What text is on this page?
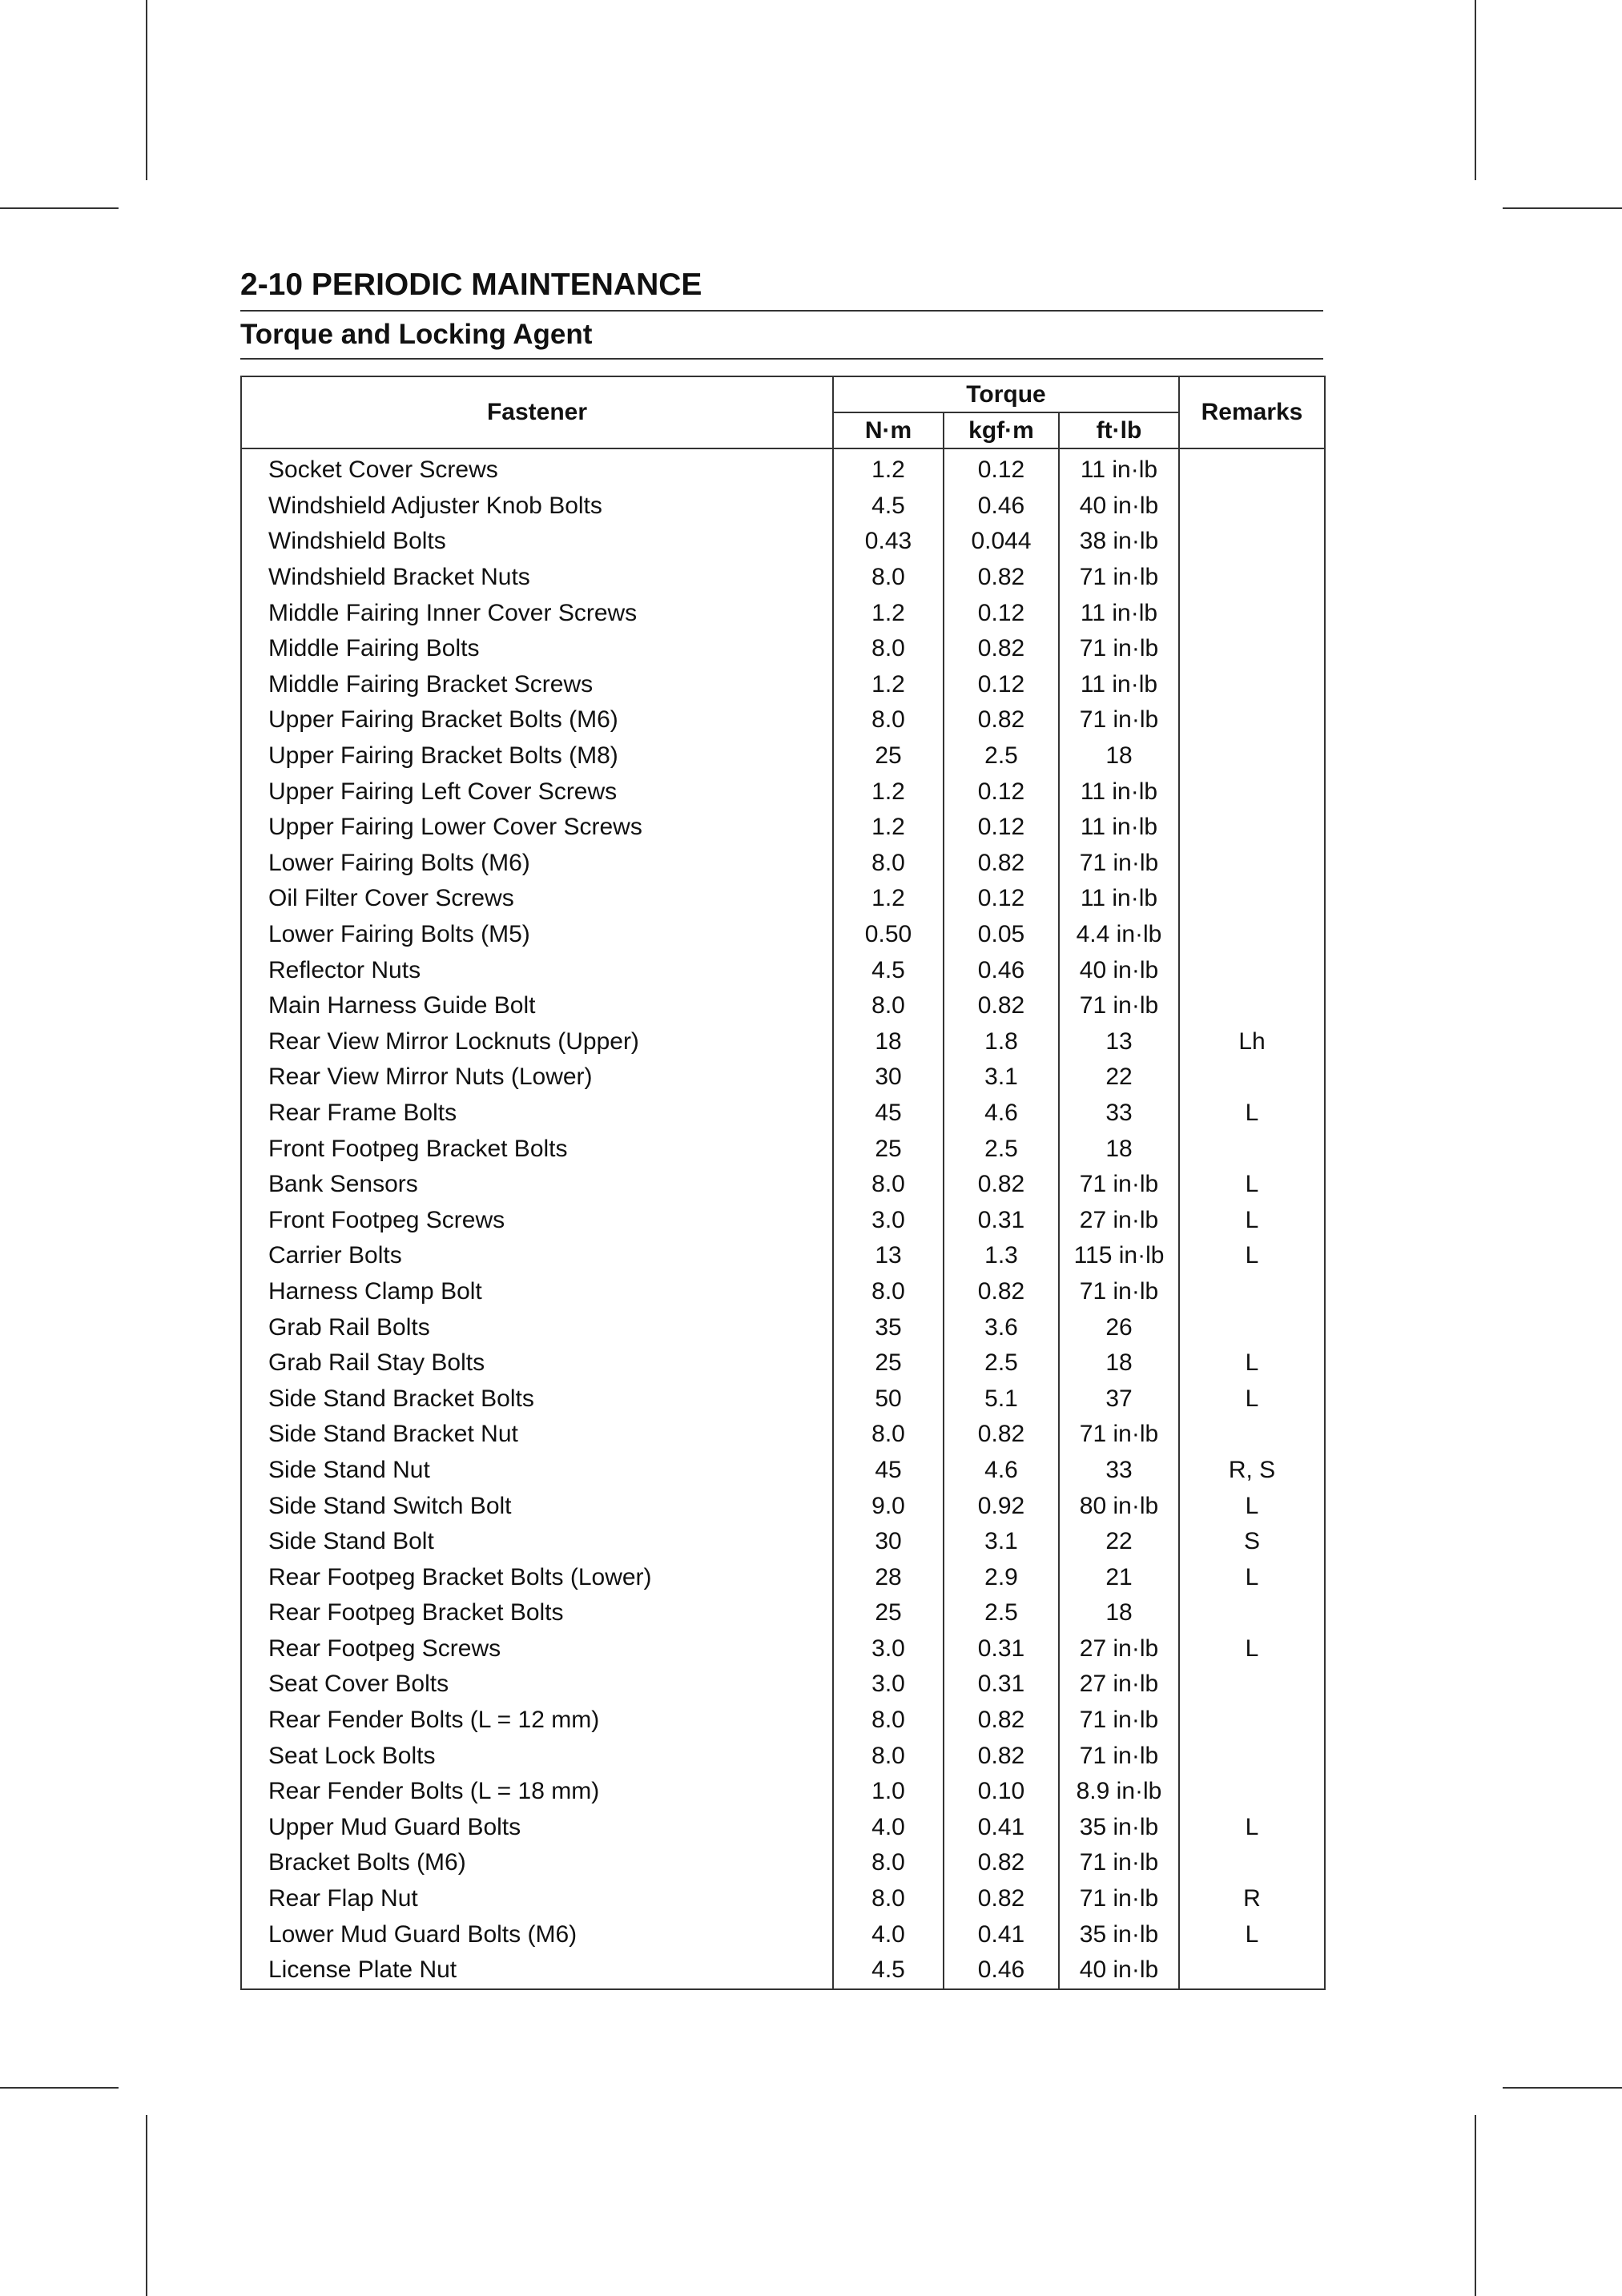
2-10 PERIODIC MAINTENANCE
Torque and Locking Agent
Fastener	Torque			Remarks
	N·m	kgf·m	ft·lb	
Socket Cover Screws	1.2	0.12	11 in·lb	
Windshield Adjuster Knob Bolts	4.5	0.46	40 in·lb	
Windshield Bolts	0.43	0.044	38 in·lb	
Windshield Bracket Nuts	8.0	0.82	71 in·lb	
Middle Fairing Inner Cover Screws	1.2	0.12	11 in·lb	
Middle Fairing Bolts	8.0	0.82	71 in·lb	
Middle Fairing Bracket Screws	1.2	0.12	11 in·lb	
Upper Fairing Bracket Bolts (M6)	8.0	0.82	71 in·lb	
Upper Fairing Bracket Bolts (M8)	25	2.5	18	
Upper Fairing Left Cover Screws	1.2	0.12	11 in·lb	
Upper Fairing Lower Cover Screws	1.2	0.12	11 in·lb	
Lower Fairing Bolts (M6)	8.0	0.82	71 in·lb	
Oil Filter Cover Screws	1.2	0.12	11 in·lb	
Lower Fairing Bolts (M5)	0.50	0.05	4.4 in·lb	
Reflector Nuts	4.5	0.46	40 in·lb	
Main Harness Guide Bolt	8.0	0.82	71 in·lb	
Rear View Mirror Locknuts (Upper)	18	1.8	13	Lh
Rear View Mirror Nuts (Lower)	30	3.1	22	
Rear Frame Bolts	45	4.6	33	L
Front Footpeg Bracket Bolts	25	2.5	18	
Bank Sensors	8.0	0.82	71 in·lb	L
Front Footpeg Screws	3.0	0.31	27 in·lb	L
Carrier Bolts	13	1.3	115 in·lb	L
Harness Clamp Bolt	8.0	0.82	71 in·lb	
Grab Rail Bolts	35	3.6	26	
Grab Rail Stay Bolts	25	2.5	18	L
Side Stand Bracket Bolts	50	5.1	37	L
Side Stand Bracket Nut	8.0	0.82	71 in·lb	
Side Stand Nut	45	4.6	33	R, S
Side Stand Switch Bolt	9.0	0.92	80 in·lb	L
Side Stand Bolt	30	3.1	22	S
Rear Footpeg Bracket Bolts (Lower)	28	2.9	21	L
Rear Footpeg Bracket Bolts	25	2.5	18	
Rear Footpeg Screws	3.0	0.31	27 in·lb	L
Seat Cover Bolts	3.0	0.31	27 in·lb	
Rear Fender Bolts (L = 12 mm)	8.0	0.82	71 in·lb	
Seat Lock Bolts	8.0	0.82	71 in·lb	
Rear Fender Bolts (L = 18 mm)	1.0	0.10	8.9 in·lb	
Upper Mud Guard Bolts	4.0	0.41	35 in·lb	L
Bracket Bolts (M6)	8.0	0.82	71 in·lb	
Rear Flap Nut	8.0	0.82	71 in·lb	R
Lower Mud Guard Bolts (M6)	4.0	0.41	35 in·lb	L
License Plate Nut	4.5	0.46	40 in·lb	
